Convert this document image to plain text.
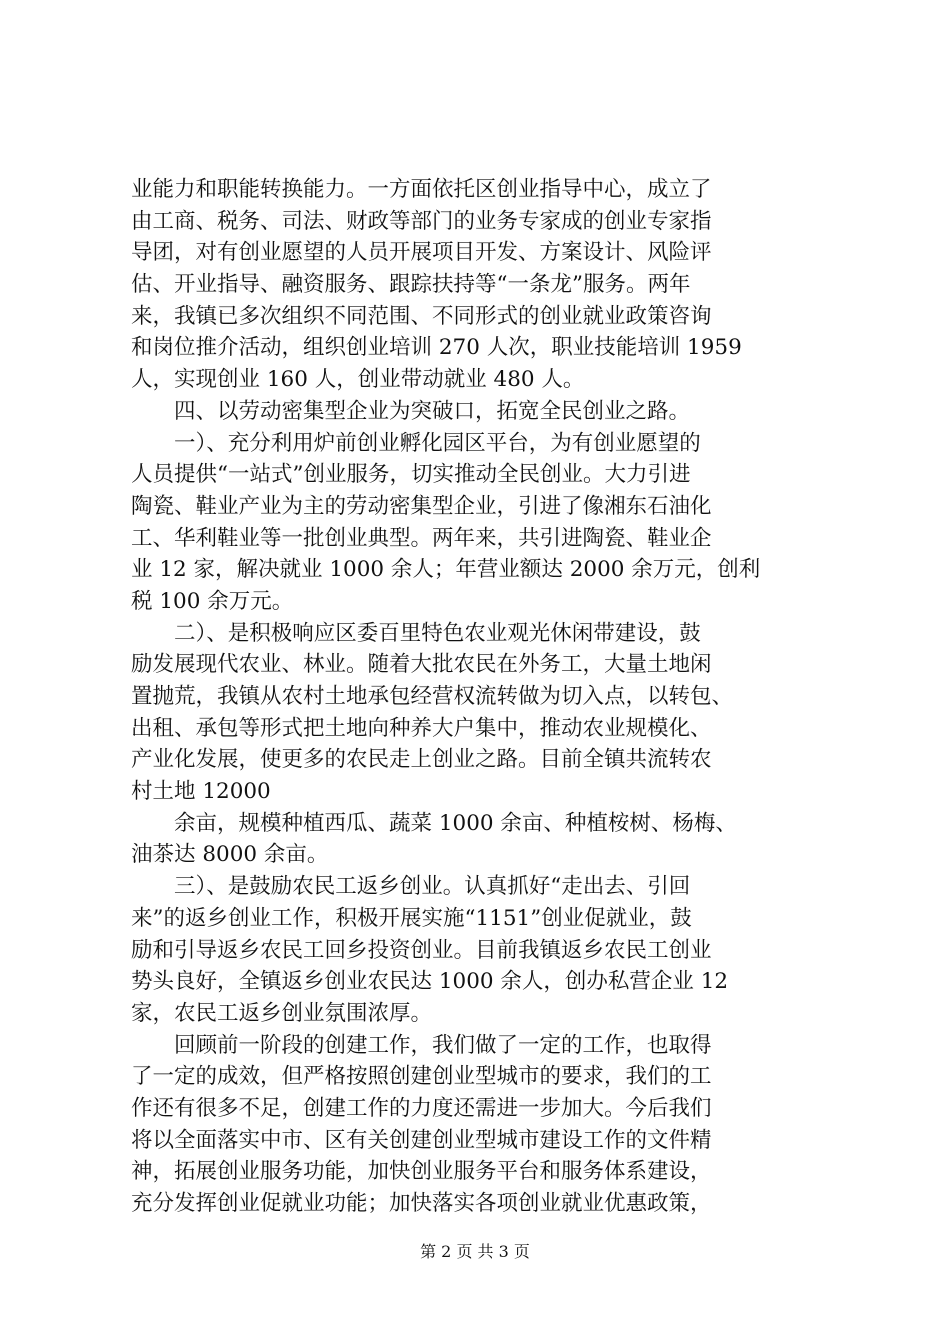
业能力和职能转换能力。一方面依托区创业指导中心，成立了
由工商、税务、司法、财政等部门的业务专家成的创业专家指
导团，对有创业愿望的人员开展项目开发、方案设计、风险评
估、开业指导、融资服务、跟踪扶持等“一条龙”服务。两年
来，我镇已多次组织不同范围、不同形式的创业就业政策咨询
和岗位推介活动，组织创业培训 270 人次，职业技能培训 1959
人，实现创业 160 人，创业带动就业 480 人。
四、以劳动密集型企业为突破口，拓宽全民创业之路。
一）、充分利用炉前创业孵化园区平台，为有创业愿望的
人员提供“一站式”创业服务，切实推动全民创业。大力引进
陶瓷、鞋业产业为主的劳动密集型企业，引进了像湘东石油化
工、华利鞋业等一批创业典型。两年来，共引进陶瓷、鞋业企
业 12 家，解决就业 1000 余人；年营业额达 2000 余万元，创利
税 100 余万元。
二）、是积极响应区委百里特色农业观光休闲带建设，鼓
励发展现代农业、林业。随着大批农民在外务工，大量土地闲
置抛荒，我镇从农村土地承包经营权流转做为切入点，以转包、
出租、承包等形式把土地向种养大户集中，推动农业规模化、
产业化发展，使更多的农民走上创业之路。目前全镇共流转农
村土地 12000
余亩，规模种植西瓜、蔬菜 1000 余亩、种植桉树、杨梅、
油茶达 8000 余亩。
三）、是鼓励农民工返乡创业。认真抓好“走出去、引回
来”的返乡创业工作，积极开展实施“1151”创业促就业，鼓
励和引导返乡农民工回乡投资创业。目前我镇返乡农民工创业
势头良好，全镇返乡创业农民达 1000 余人，创办私营企业 12
家，农民工返乡创业氛围浓厚。
回顾前一阶段的创建工作，我们做了一定的工作，也取得
了一定的成效，但严格按照创建创业型城市的要求，我们的工
作还有很多不足，创建工作的力度还需进一步加大。今后我们
将以全面落实中市、区有关创建创业型城市建设工作的文件精
神，拓展创业服务功能，加快创业服务平台和服务体系建设，
充分发挥创业促就业功能；加快落实各项创业就业优惠政策，
第 2 页 共 3 页
